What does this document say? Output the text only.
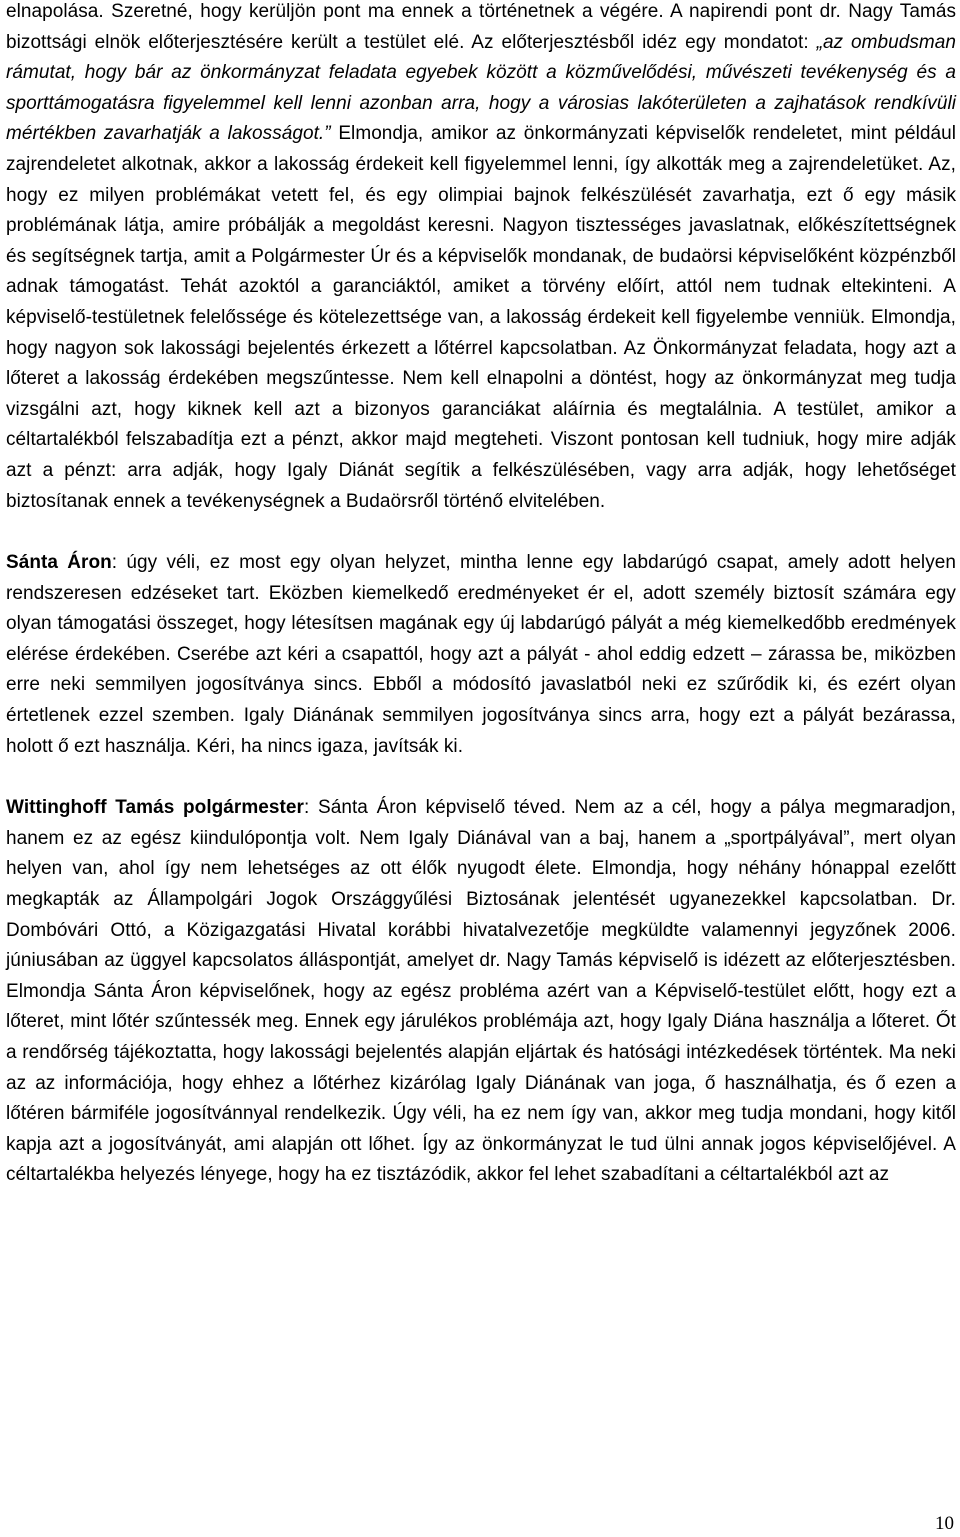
elnapolása. Szeretné, hogy kerüljön pont ma ennek a történetnek a végére. A napirendi pont dr. Nagy Tamás bizottsági elnök előterjesztésére került a testület elé. Az előterjesztésből idéz egy mondatot: „az ombudsman rámutat, hogy bár az önkormányzat feladata egyebek között a közművelődési, művészeti tevékenység és a sporttámogatásra figyelemmel kell lenni azonban arra, hogy a városias lakóterületen a zajhatások rendkívüli mértékben zavarhatják a lakosságot.” Elmondja, amikor az önkormányzati képviselők rendeletet, mint például zajrendeletet alkotnak, akkor a lakosság érdekeit kell figyelemmel lenni, így alkották meg a zajrendeletüket. Az, hogy ez milyen problémákat vetett fel, és egy olimpiai bajnok felkészülését zavarhatja, ezt ő egy másik problémának látja, amire próbálják a megoldást keresni. Nagyon tisztességes javaslatnak, előkészítettségnek és segítségnek tartja, amit a Polgármester Úr és a képviselők mondanak, de budaörsi képviselőként közpénzből adnak támogatást. Tehát azoktól a garanciáktól, amiket a törvény előírt, attól nem tudnak eltekinteni. A képviselő-testületnek felelőssége és kötelezettsége van, a lakosság érdekeit kell figyelembe venniük. Elmondja, hogy nagyon sok lakossági bejelentés érkezett a lőtérrel kapcsolatban. Az Önkormányzat feladata, hogy azt a lőteret a lakosság érdekében megszűntesse. Nem kell elnapolni a döntést, hogy az önkormányzat meg tudja vizsgálni azt, hogy kiknek kell azt a bizonyos garanciákat aláírnia és megtalálnia. A testület, amikor a céltartalékból felszabadítja ezt a pénzt, akkor majd megteheti. Viszont pontosan kell tudniuk, hogy mire adják azt a pénzt: arra adják, hogy Igaly Diánát segítik a felkészülésében, vagy arra adják, hogy lehetőséget biztosítanak ennek a tevékenységnek a Budaörsről történő elvitelében.

Sánta Áron: úgy véli, ez most egy olyan helyzet, mintha lenne egy labdarúgó csapat, amely adott helyen rendszeresen edzéseket tart. Eközben kiemelkedő eredményeket ér el, adott személy biztosít számára egy olyan támogatási összeget, hogy létesítsen magának egy új labdarúgó pályát a még kiemelkedőbb eredmények elérése érdekében. Cserébe azt kéri a csapattól, hogy azt a pályát - ahol eddig edzett – zárassa be, miközben erre neki semmilyen jogosítványa sincs. Ebből a módosító javaslatból neki ez szűrődik ki, és ezért olyan értetlenek ezzel szemben. Igaly Diánának semmilyen jogosítványa sincs arra, hogy ezt a pályát bezárassa, holott ő ezt használja. Kéri, ha nincs igaza, javítsák ki.

Wittinghoff Tamás polgármester: Sánta Áron képviselő téved. Nem az a cél, hogy a pálya megmaradjon, hanem ez az egész kiindulópontja volt. Nem Igaly Diánával van a baj, hanem a „sportpályával”, mert olyan helyen van, ahol így nem lehetséges az ott élők nyugodt élete. Elmondja, hogy néhány hónappal ezelőtt megkapták az Állampolgári Jogok Országgyűlési Biztosának jelentését ugyanezekkel kapcsolatban. Dr. Dombóvári Ottó, a Közigazgatási Hivatal korábbi hivatalvezetője megküldte valamennyi jegyzőnek 2006. júniusában az üggyel kapcsolatos álláspontját, amelyet dr. Nagy Tamás képviselő is idézett az előterjesztésben. Elmondja Sánta Áron képviselőnek, hogy az egész probléma azért van a Képviselő-testület előtt, hogy ezt a lőteret, mint lőtér szűntessék meg. Ennek egy járulékos problémája azt, hogy Igaly Diána használja a lőteret. Őt a rendőrség tájékoztatta, hogy lakossági bejelentés alapján eljártak és hatósági intézkedések történtek. Ma neki az az információja, hogy ehhez a lőtérhez kizárólag Igaly Diánának van joga, ő használhatja, és ő ezen a lőtéren bármiféle jogosítvánnyal rendelkezik. Úgy véli, ha ez nem így van, akkor meg tudja mondani, hogy kitől kapja azt a jogosítványát, ami alapján ott lőhet. Így az önkormányzat le tud ülni annak jogos képviselőjével. A céltartalékba helyezés lényege, hogy ha ez tisztázódik, akkor fel lehet szabadítani a céltartalékból azt az

10
